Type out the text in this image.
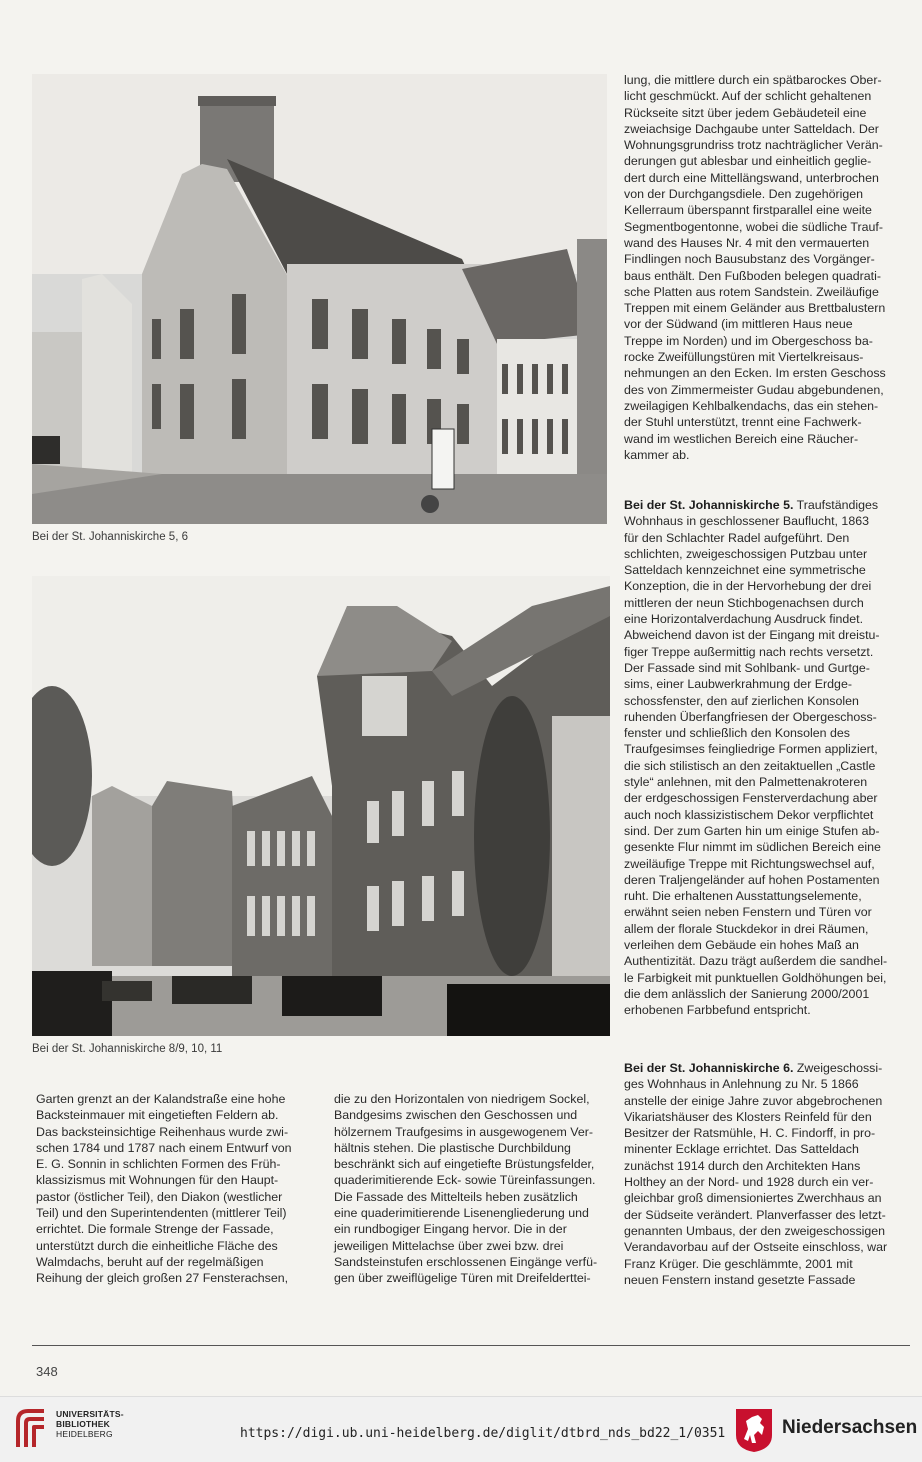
Bei der St. Johanniskirche 5, 6
Bei der St. Johanniskirche 8/9, 10, 11

lung, die mittlere durch ein spätbarockes Ober-
licht geschmückt. Auf der schlicht gehaltenen
Rückseite sitzt über jedem Gebäudeteil eine
zweiachsige Dachgaube unter Satteldach. Der
Wohnungsgrundriss trotz nachträglicher Verän-
derungen gut ablesbar und einheitlich geglie-
dert durch eine Mittellängswand, unterbrochen
von der Durchgangsdiele. Den zugehörigen
Kellerraum überspannt firstparallel eine weite
Segmentbogentonne, wobei die südliche Trauf-
wand des Hauses Nr. 4 mit den vermauerten
Findlingen noch Bausubstanz des Vorgänger-
baus enthält. Den Fußboden belegen quadrati-
sche Platten aus rotem Sandstein. Zweiläufige
Treppen mit einem Geländer aus Brettbalustern
vor der Südwand (im mittleren Haus neue
Treppe im Norden) und im Obergeschoss ba-
rocke Zweifüllungstüren mit Viertelkreisaus-
nehmungen an den Ecken. Im ersten Geschoss
des von Zimmermeister Gudau abgebundenen,
zweilagigen Kehlbalkendachs, das ein stehen-
der Stuhl unterstützt, trennt eine Fachwerk-
wand im westlichen Bereich eine Räucher-
kammer ab.

Bei der St. Johanniskirche 5. Traufständiges
Wohnhaus in geschlossener Bauflucht, 1863
für den Schlachter Radel aufgeführt. Den
schlichten, zweigeschossigen Putzbau unter
Satteldach kennzeichnet eine symmetrische
Konzeption, die in der Hervorhebung der drei
mittleren der neun Stichbogenachsen durch
eine Horizontalverdachung Ausdruck findet.
Abweichend davon ist der Eingang mit dreistu-
figer Treppe außermittig nach rechts versetzt.
Der Fassade sind mit Sohlbank- und Gurtge-
sims, einer Laubwerkrahmung der Erdge-
schossfenster, den auf zierlichen Konsolen
ruhenden Überfangfriesen der Obergeschoss-
fenster und schließlich den Konsolen des
Traufgesimses feingliedrige Formen appliziert,
die sich stilistisch an den zeitaktuellen „Castle
style“ anlehnen, mit den Palmettenakroteren
der erdgeschossigen Fensterverdachung aber
auch noch klassizistischem Dekor verpflichtet
sind. Der zum Garten hin um einige Stufen ab-
gesenkte Flur nimmt im südlichen Bereich eine
zweiläufige Treppe mit Richtungswechsel auf,
deren Traljengeländer auf hohen Postamenten
ruht. Die erhaltenen Ausstattungselemente,
erwähnt seien neben Fenstern und Türen vor
allem der florale Stuckdekor in drei Räumen,
verleihen dem Gebäude ein hohes Maß an
Authentizität. Dazu trägt außerdem die sandhel-
le Farbigkeit mit punktuellen Goldhöhungen bei,
die dem anlässlich der Sanierung 2000/2001
erhobenen Farbbefund entspricht.

Bei der St. Johanniskirche 6. Zweigeschossi-
ges Wohnhaus in Anlehnung zu Nr. 5 1866
anstelle der einige Jahre zuvor abgebrochenen
Vikariatshäuser des Klosters Reinfeld für den
Besitzer der Ratsmühle, H. C. Findorff, in pro-
minenter Ecklage errichtet. Das Satteldach
zunächst 1914 durch den Architekten Hans
Holthey an der Nord- und 1928 durch ein ver-
gleichbar groß dimensioniertes Zwerchhaus an
der Südseite verändert. Planverfasser des letzt-
genannten Umbaus, der den zweigeschossigen
Verandavorbau auf der Ostseite einschloss, war
Franz Krüger. Die geschlämmte, 2001 mit
neuen Fenstern instand gesetzte Fassade

Garten grenzt an der Kalandstraße eine hohe
Backsteinmauer mit eingetieften Feldern ab.
Das backsteinsichtige Reihenhaus wurde zwi-
schen 1784 und 1787 nach einem Entwurf von
E. G. Sonnin in schlichten Formen des Früh-
klassizismus mit Wohnungen für den Haupt-
pastor (östlicher Teil), den Diakon (westlicher
Teil) und den Superintendenten (mittlerer Teil)
errichtet. Die formale Strenge der Fassade,
unterstützt durch die einheitliche Fläche des
Walmdachs, beruht auf der regelmäßigen
Reihung der gleich großen 27 Fensterachsen,

die zu den Horizontalen von niedrigem Sockel,
Bandgesims zwischen den Geschossen und
hölzernem Traufgesims in ausgewogenem Ver-
hältnis stehen. Die plastische Durchbildung
beschränkt sich auf eingetiefte Brüstungsfelder,
quaderimitierende Eck- sowie Türeinfassungen.
Die Fassade des Mittelteils heben zusätzlich
eine quaderimitierende Lisenengliederung und
ein rundbogiger Eingang hervor. Die in der
jeweiligen Mittelachse über zwei bzw. drei
Sandsteinstufen erschlossenen Eingänge verfü-
gen über zweiflügelige Türen mit Dreifelderttei-

348
UNIVERSITÄTS-
BIBLIOTHEK
HEIDELBERG	https://digi.ub.uni-heidelberg.de/diglit/dtbrd_nds_bd22_1/0351	Niedersachsen
